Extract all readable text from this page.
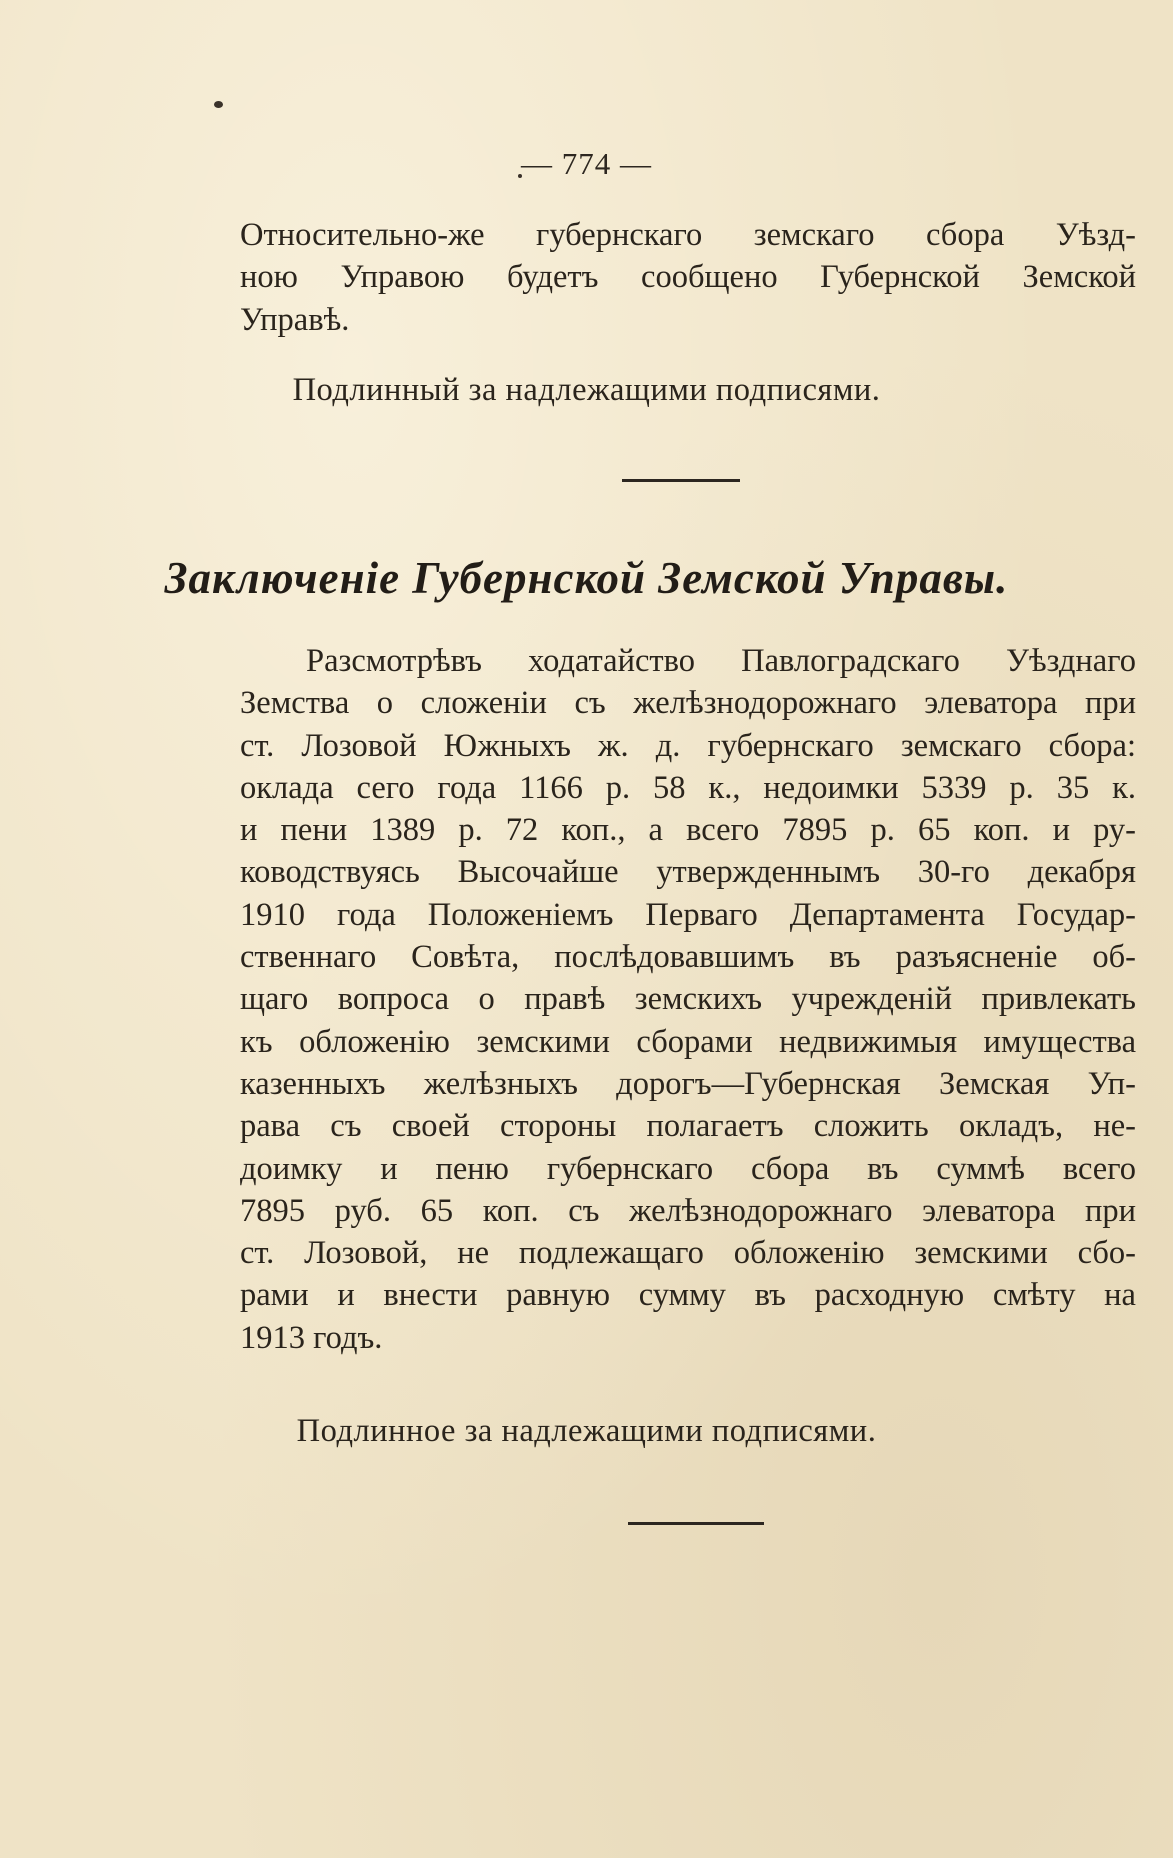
— 774 —
Относительно-же губернскаго земскаго сбора Уѣзд-
ною Управою будетъ сообщено Губернской Земской
Управѣ.
Подлинный за надлежащими подписями.
Заключеніе Губернской Земской Управы.
Разсмотрѣвъ ходатайство Павлоградскаго Уѣзднаго
Земства о сложеніи съ желѣзнодорожнаго элеватора при
ст. Лозовой Южныхъ ж. д. губернскаго земскаго сбора:
оклада сего года 1166 р. 58 к., недоимки 5339 р. 35 к.
и пени 1389 р. 72 коп., а всего 7895 р. 65 коп. и ру-
ководствуясь Высочайше утвержденнымъ 30-го декабря
1910 года Положеніемъ Перваго Департамента Государ-
ственнаго Совѣта, послѣдовавшимъ въ разъясненіе об-
щаго вопроса о правѣ земскихъ учрежденій привлекать
къ обложенію земскими сборами недвижимыя имущества
казенныхъ желѣзныхъ дорогъ—Губернская Земская Уп-
рава съ своей стороны полагаетъ сложить окладъ, не-
доимку и пеню губернскаго сбора въ суммѣ всего
7895 руб. 65 коп. съ желѣзнодорожнаго элеватора при
ст. Лозовой, не подлежащаго обложенію земскими сбо-
рами и внести равную сумму въ расходную смѣту на
1913 годъ.
Подлинное за надлежащими подписями.
